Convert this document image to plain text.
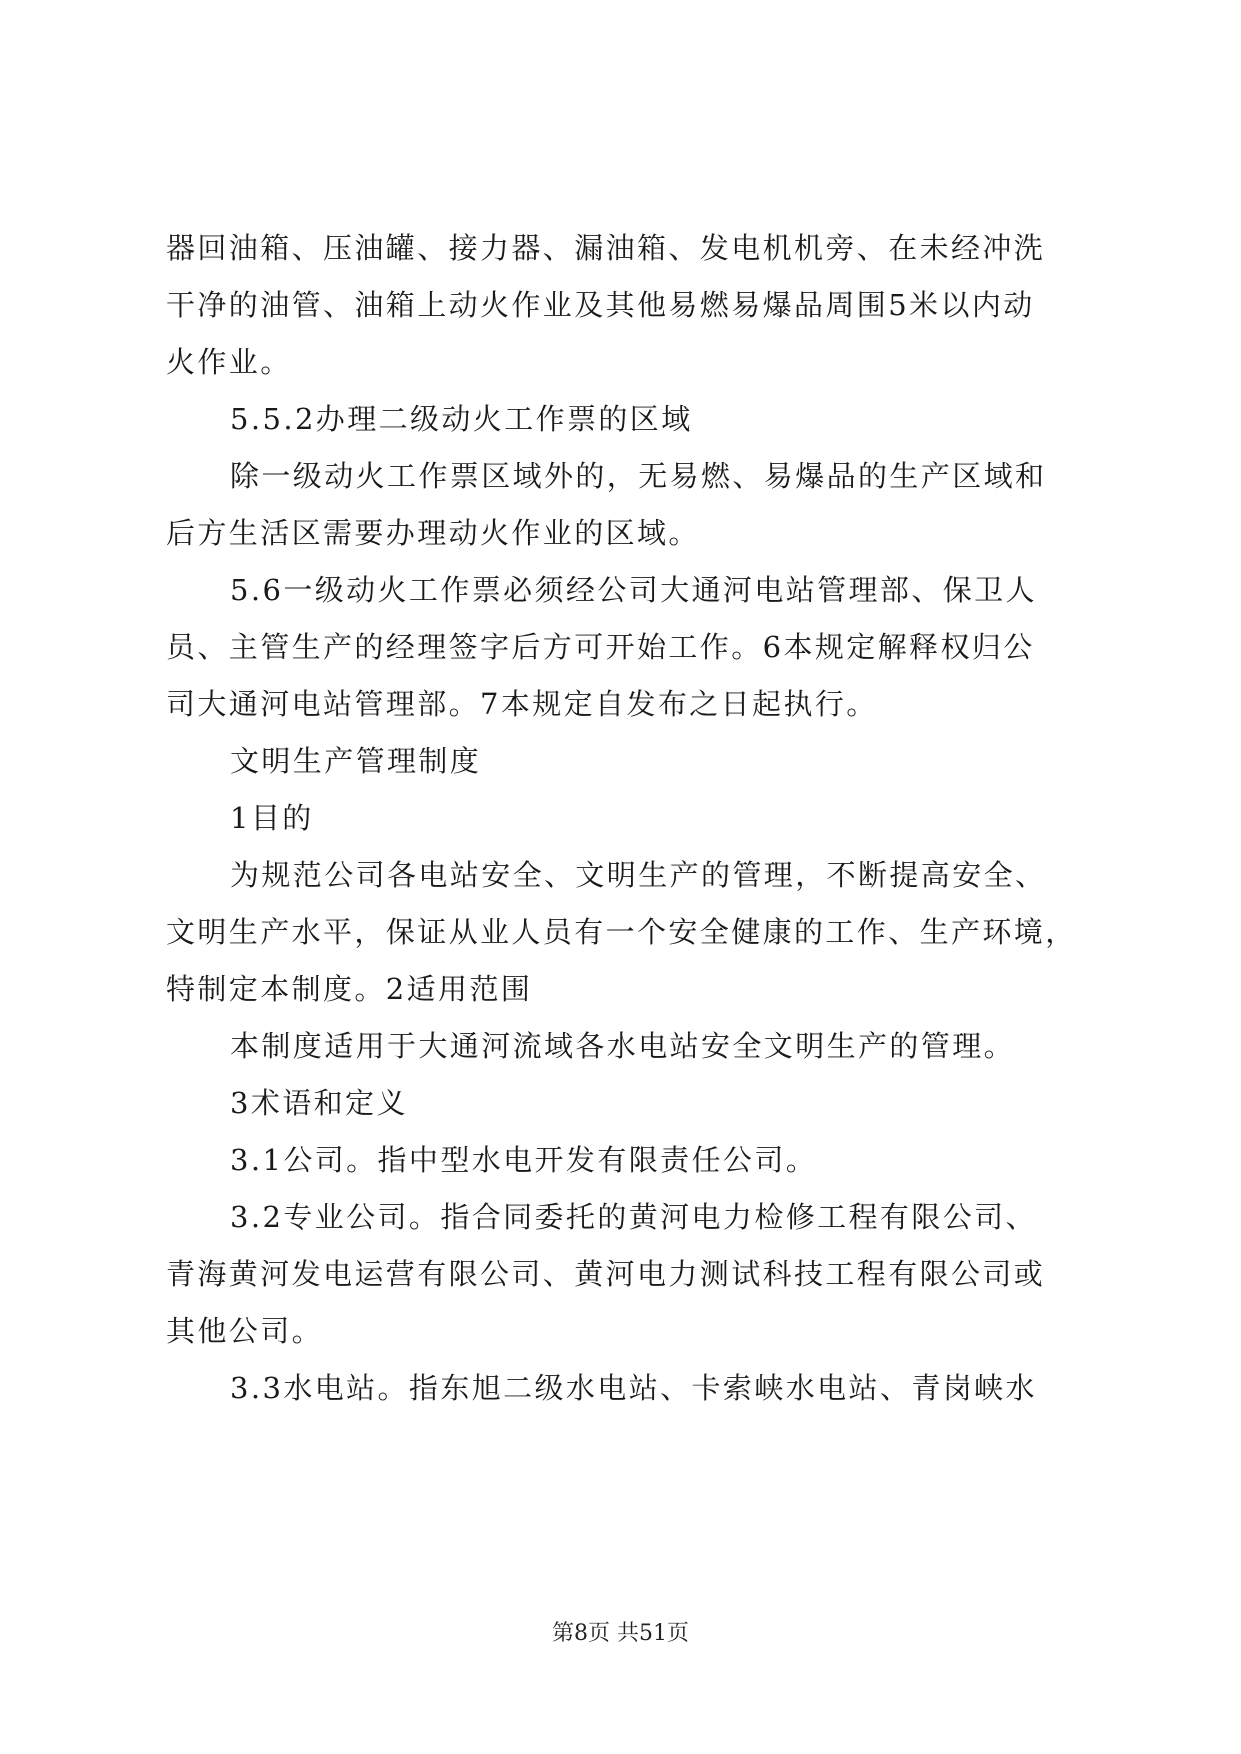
器回油箱、压油罐、接力器、漏油箱、发电机机旁、在未经冲洗
干净的油管、油箱上动火作业及其他易燃易爆品周围5米以内动
火作业。
5.5.2办理二级动火工作票的区域
除一级动火工作票区域外的，无易燃、易爆品的生产区域和
后方生活区需要办理动火作业的区域。
5.6一级动火工作票必须经公司大通河电站管理部、保卫人
员、主管生产的经理签字后方可开始工作。6本规定解释权归公
司大通河电站管理部。7本规定自发布之日起执行。
文明生产管理制度
1目的
为规范公司各电站安全、文明生产的管理，不断提高安全、
文明生产水平，保证从业人员有一个安全健康的工作、生产环境，
特制定本制度。2适用范围
本制度适用于大通河流域各水电站安全文明生产的管理。
3术语和定义
3.1公司。指中型水电开发有限责任公司。
3.2专业公司。指合同委托的黄河电力检修工程有限公司、
青海黄河发电运营有限公司、黄河电力测试科技工程有限公司或
其他公司。
3.3水电站。指东旭二级水电站、卡索峡水电站、青岗峡水
第8页 共51页
